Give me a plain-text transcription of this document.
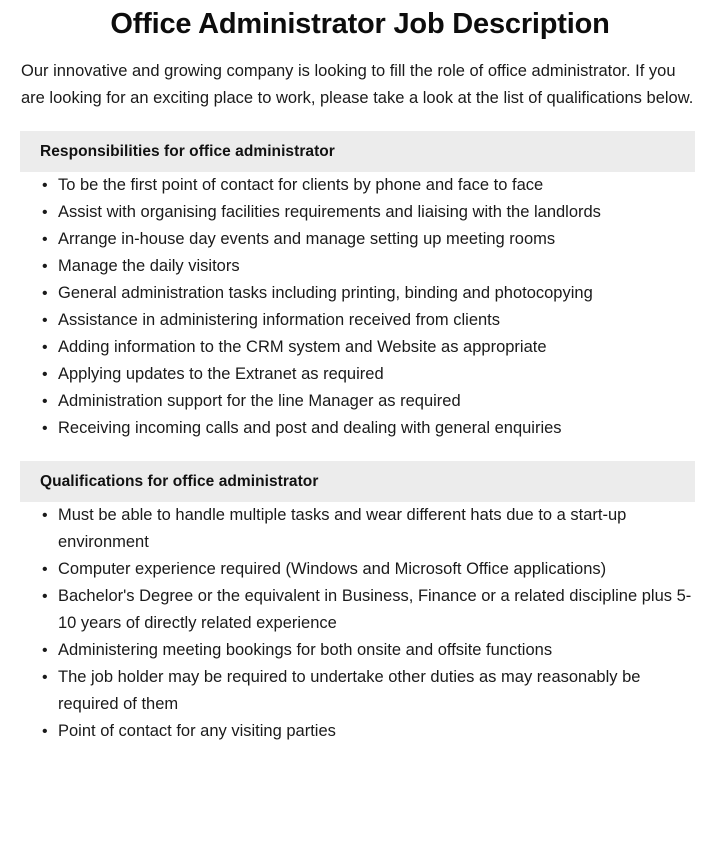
Office Administrator Job Description

Our innovative and growing company is looking to fill the role of office administrator. If you are looking for an exciting place to work, please take a look at the list of qualifications below.

Responsibilities for office administrator
• To be the first point of contact for clients by phone and face to face
• Assist with organising facilities requirements and liaising with the landlords
• Arrange in-house day events and manage setting up meeting rooms
• Manage the daily visitors
• General administration tasks including printing, binding and photocopying
• Assistance in administering information received from clients
• Adding information to the CRM system and Website as appropriate
• Applying updates to the Extranet as required
• Administration support for the line Manager as required
• Receiving incoming calls and post and dealing with general enquiries
Qualifications for office administrator
• Must be able to handle multiple tasks and wear different hats due to a start-up environment
• Computer experience required (Windows and Microsoft Office applications)
• Bachelor's Degree or the equivalent in Business, Finance or a related discipline plus 5-10 years of directly related experience
• Administering meeting bookings for both onsite and offsite functions
• The job holder may be required to undertake other duties as may reasonably be required of them
• Point of contact for any visiting parties
